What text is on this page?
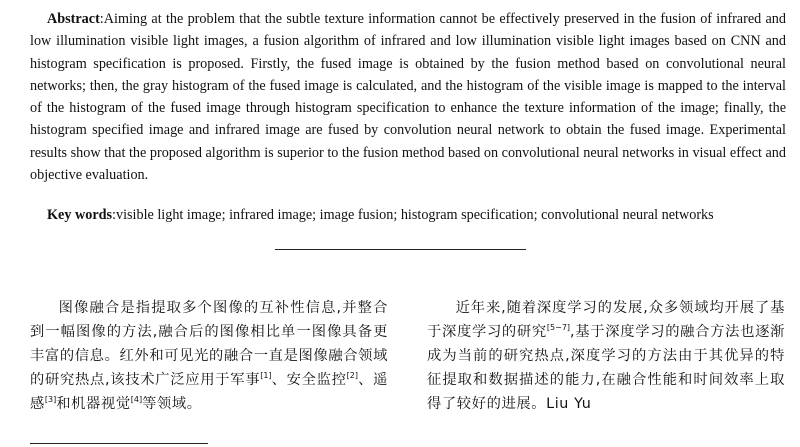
Abstract:Aiming at the problem that the subtle texture information cannot be effectively preserved in the fusion of infrared and low illumination visible light images, a fusion algorithm of infrared and low illumination visible light images based on CNN and histogram specification is proposed. Firstly, the fused image is obtained by the fusion method based on convolutional neural networks; then, the gray histogram of the fused image is calculated, and the histogram of the visible image is mapped to the interval of the histogram of the fused image through histogram specification to enhance the texture information of the image; finally, the histogram specified image and infrared image are fused by convolution neural network to obtain the fused image. Experimental results show that the proposed algorithm is superior to the fusion method based on convolutional neural networks in visual effect and objective evaluation.

Key words:visible light image; infrared image; image fusion; histogram specification; convolutional neural networks

图像融合是指提取多个图像的互补性信息,并整合到一幅图像的方法,融合后的图像相比单一图像具备更丰富的信息。红外和可见光的融合一直是图像融合领域的研究热点,该技术广泛应用于军事[1]、安全监控[2]、遥感[3]和机器视觉[4]等领域。

近年来,随着深度学习的发展,众多领域均开展了基于深度学习的研究[5−7],基于深度学习的融合方法也逐渐成为当前的研究热点,深度学习的方法由于其优异的特征提取和数据描述的能力,在融合性能和时间效率上取得了较好的进展。Liu Yu
